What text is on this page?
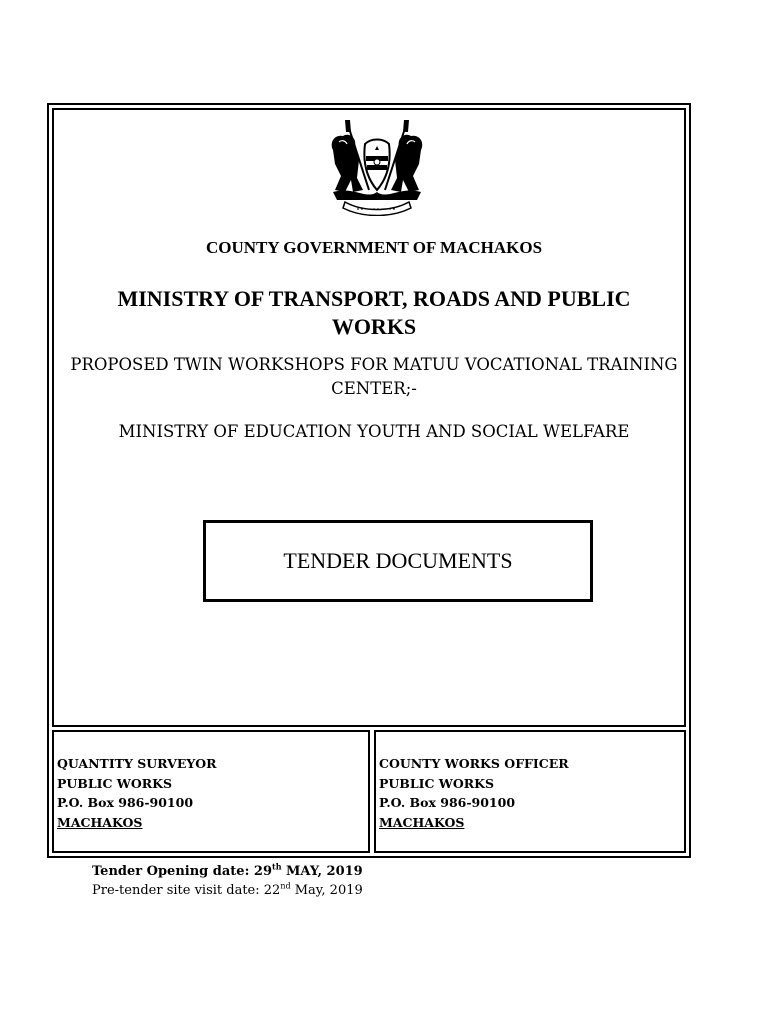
COUNTY GOVERNMENT OF MACHAKOS
MINISTRY OF TRANSPORT, ROADS AND PUBLIC WORKS
PROPOSED TWIN WORKSHOPS FOR MATUU VOCATIONAL TRAINING CENTER;-
MINISTRY OF EDUCATION YOUTH AND SOCIAL WELFARE
TENDER DOCUMENTS
QUANTITY SURVEYOR
PUBLIC WORKS
P.O. Box 986-90100
MACHAKOS
COUNTY WORKS OFFICER
PUBLIC WORKS
P.O. Box 986-90100
MACHAKOS
Tender Opening date: 29th MAY, 2019
Pre-tender site visit date: 22nd May, 2019
